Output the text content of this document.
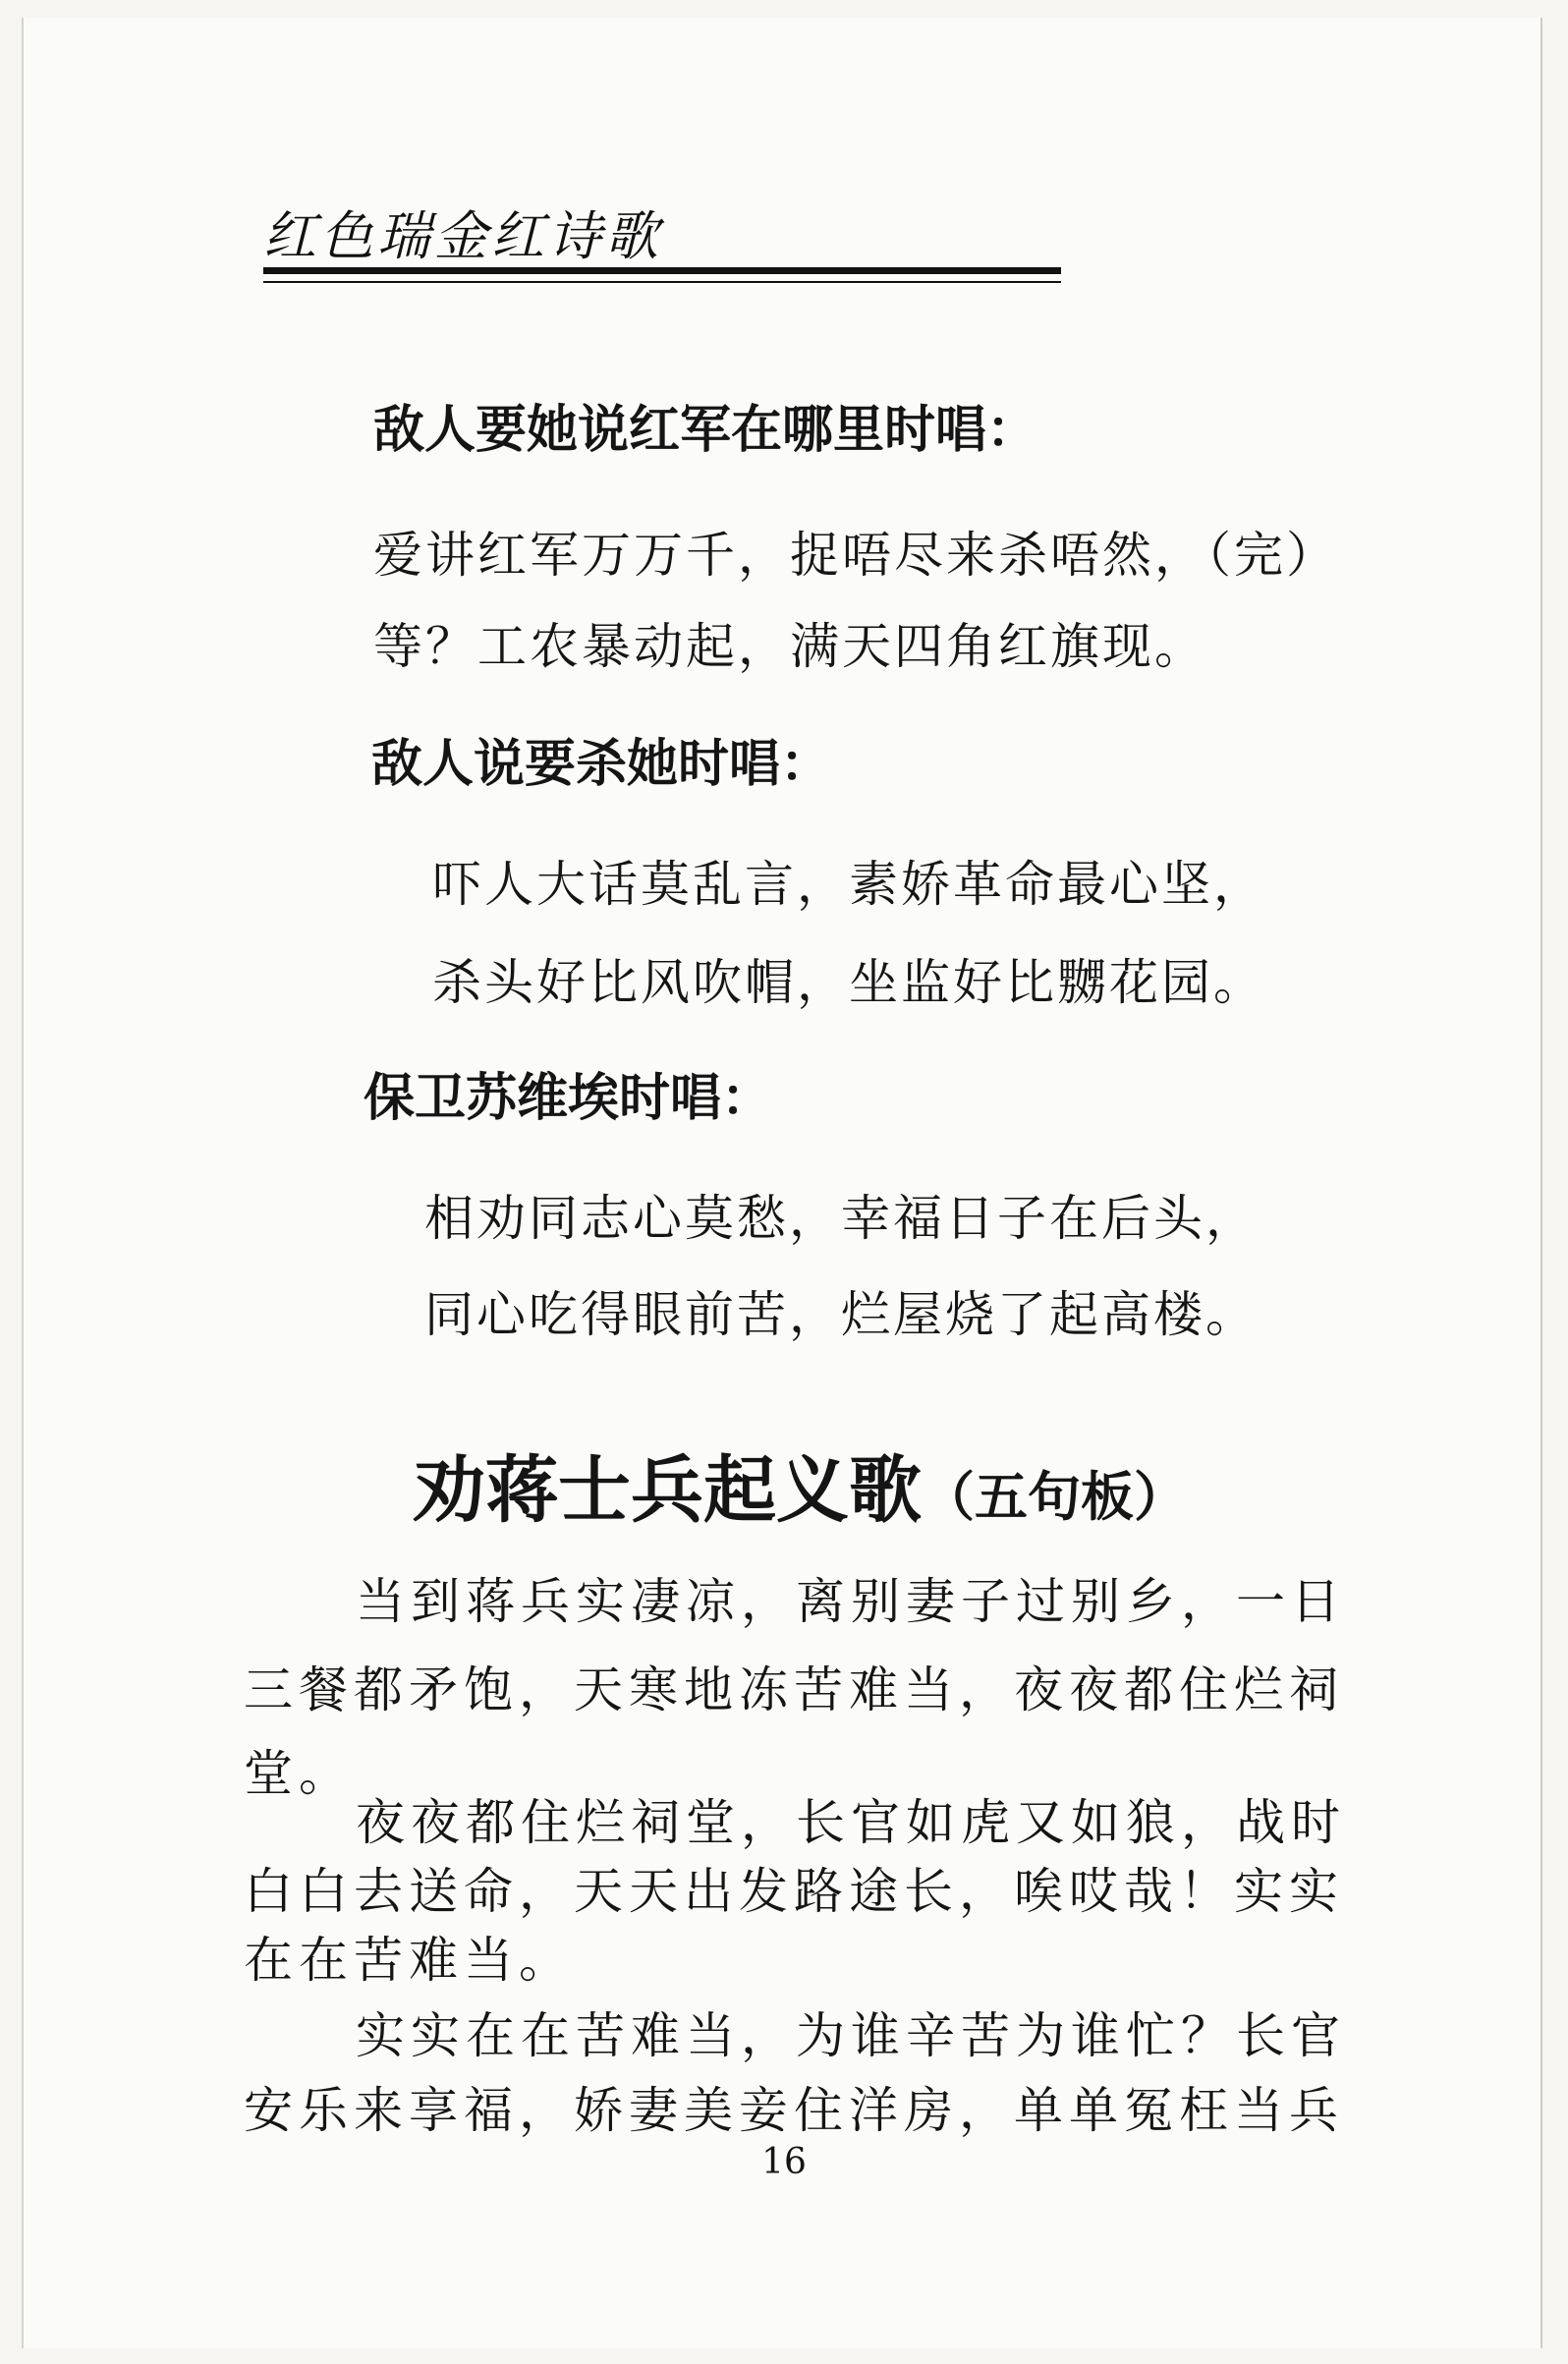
红色瑞金红诗歌
敌人要她说红军在哪里时唱：
爱讲红军万万千，捉唔尽来杀唔然，（完）
等？工农暴动起，满天四角红旗现。
敌人说要杀她时唱：
吓人大话莫乱言，素娇革命最心坚，
杀头好比风吹帽，坐监好比嬲花园。
保卫苏维埃时唱：
相劝同志心莫愁，幸福日子在后头，
同心吃得眼前苦，烂屋烧了起高楼。
劝蒋士兵起义歌（五句板）
当到蒋兵实凄凉，离别妻子过别乡，一日
三餐都矛饱，天寒地冻苦难当，夜夜都住烂祠
堂。
夜夜都住烂祠堂，长官如虎又如狼，战时
白白去送命，天天出发路途长，唉哎哉！实实
在在苦难当。
实实在在苦难当，为谁辛苦为谁忙？长官
安乐来享福，娇妻美妾住洋房，单单冤枉当兵
16
